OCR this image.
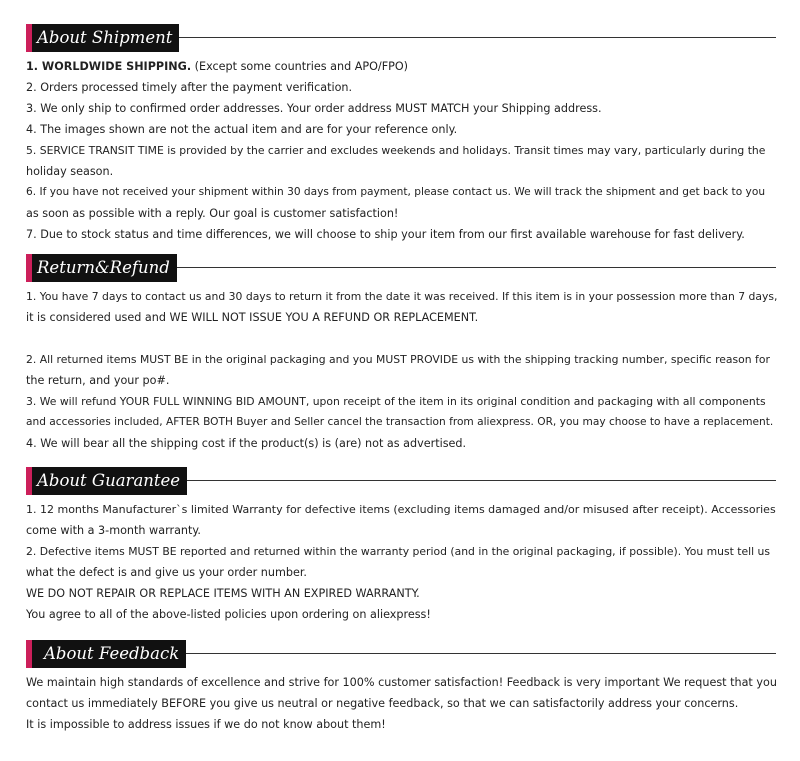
About Shipment
1. WORLDWIDE SHIPPING. (Except some countries and APO/FPO)
2. Orders processed timely after the payment verification.
3. We only ship to confirmed order addresses. Your order address MUST MATCH your Shipping address.
4. The images shown are not the actual item and are for your reference only.
5. SERVICE TRANSIT TIME is provided by the carrier and excludes weekends and holidays. Transit times may vary, particularly during the
holiday season.
6. If you have not received your shipment within 30 days from payment, please contact us. We will track the shipment and get back to you
as soon as possible with a reply. Our goal is customer satisfaction!
7. Due to stock status and time differences, we will choose to ship your item from our first available warehouse for fast delivery.
Return&Refund
1. You have 7 days to contact us and 30 days to return it from the date it was received. If this item is in your possession more than 7 days,
it is considered used and WE WILL NOT ISSUE YOU A REFUND OR REPLACEMENT.
2. All returned items MUST BE in the original packaging and you MUST PROVIDE us with the shipping tracking number, specific reason for
the return, and your po#.
3. We will refund YOUR FULL WINNING BID AMOUNT, upon receipt of the item in its original condition and packaging with all components
and accessories included, AFTER BOTH Buyer and Seller cancel the transaction from aliexpress. OR, you may choose to have a replacement.
4. We will bear all the shipping cost if the product(s) is (are) not as advertised.
About Guarantee
1. 12 months Manufacturer`s limited Warranty for defective items (excluding items damaged and/or misused after receipt). Accessories
come with a 3-month warranty.
2. Defective items MUST BE reported and returned within the warranty period (and in the original packaging, if possible). You must tell us
what the defect is and give us your order number.
WE DO NOT REPAIR OR REPLACE ITEMS WITH AN EXPIRED WARRANTY.
You agree to all of the above-listed policies upon ordering on aliexpress!
About Feedback
We maintain high standards of excellence and strive for 100% customer satisfaction! Feedback is very important We request that you
contact us immediately BEFORE you give us neutral or negative feedback, so that we can satisfactorily address your concerns.
It is impossible to address issues if we do not know about them!
